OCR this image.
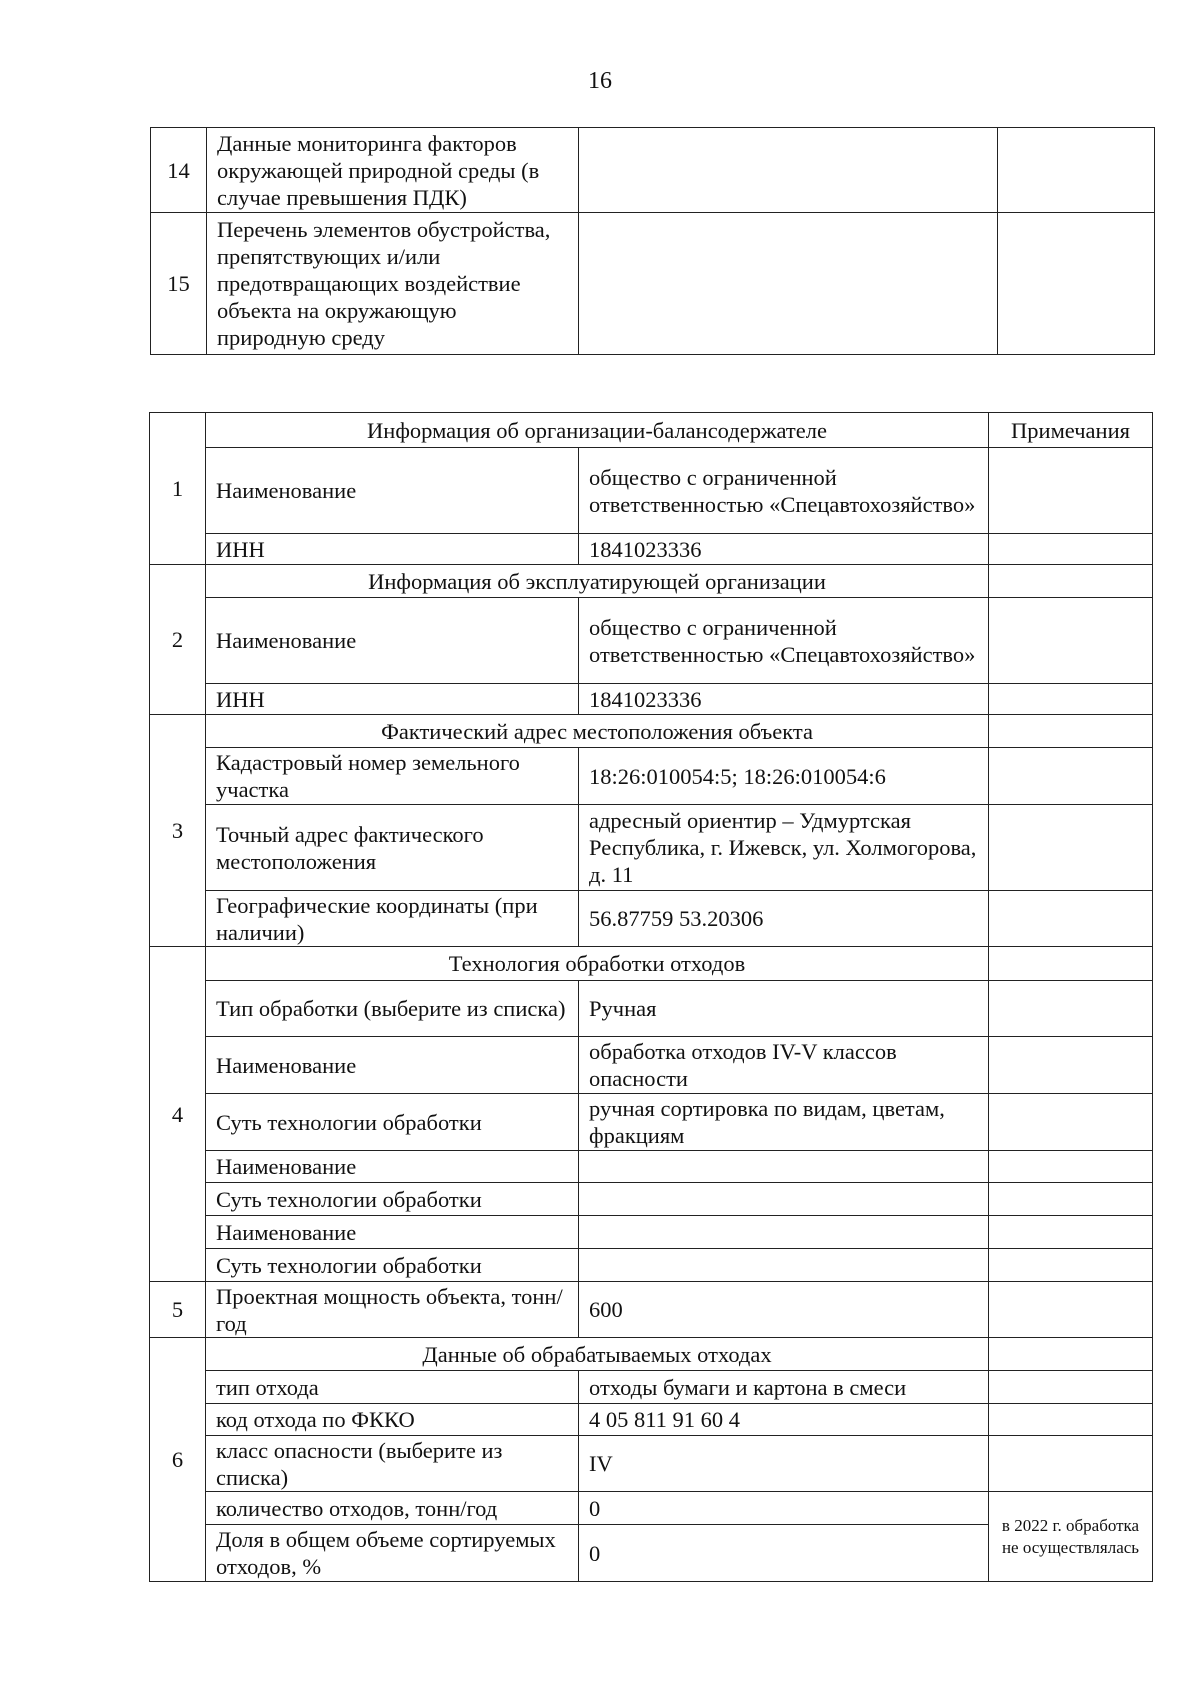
16
14	Данные мониторинга факторов окружающей природной среды (в случае превышения ПДК)		
15	Перечень элементов обустройства, препятствующих и/или предотвращающих воздействие объекта на окружающую природную среду		
1	Информация об организации-балансодержателе		Примечания
	Наименование	общество с ограниченной ответственностью «Спецавтохозяйство»	
	ИНН	1841023336	
2	Информация об эксплуатирующей организации		
	Наименование	общество с ограниченной ответственностью «Спецавтохозяйство»	
	ИНН	1841023336	
3	Фактический адрес местоположения объекта		
	Кадастровый номер земельного участка	18:26:010054:5; 18:26:010054:6	
	Точный адрес фактического местоположения	адресный ориентир – Удмуртская Республика, г. Ижевск, ул. Холмогорова, д. 11	
	Географические координаты (при наличии)	56.87759 53.20306	
4	Технология обработки отходов		
	Тип обработки (выберите из списка)	Ручная	
	Наименование	обработка отходов IV-V классов опасности	
	Суть технологии обработки	ручная сортировка по видам, цветам, фракциям	
	Наименование		
	Суть технологии обработки		
	Наименование		
	Суть технологии обработки		
5	Проектная мощность объекта, тонн/год	600	
6	Данные об обрабатываемых отходах		
	тип отхода	отходы бумаги и картона в смеси	
	код отхода по ФККО	4 05 811 91 60 4	
	класс опасности (выберите из списка)	IV	
	количество отходов, тонн/год	0	в 2022 г. обработка не осуществлялась
	Доля в общем объеме сортируемых отходов, %	0	
